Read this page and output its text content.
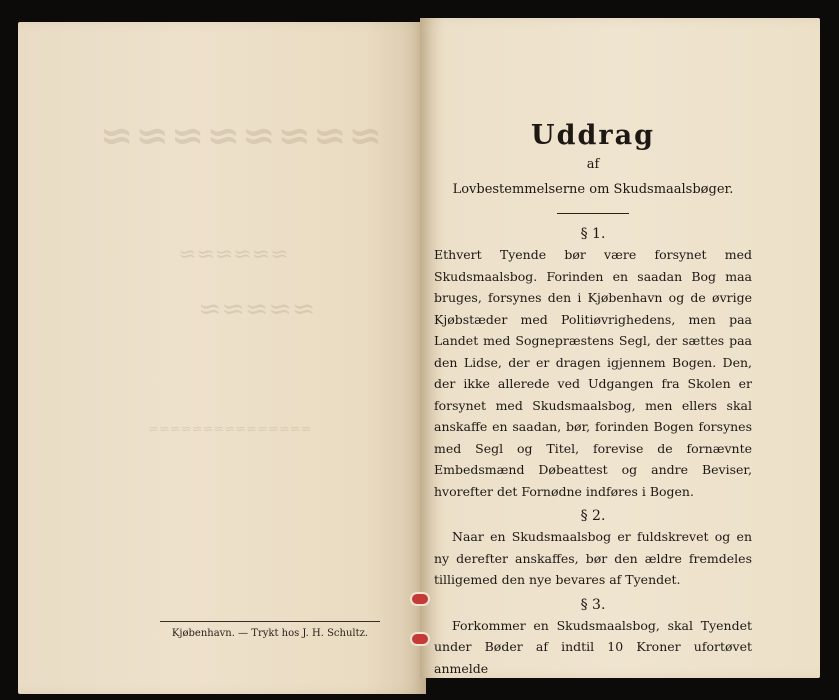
≈≈≈≈≈≈≈≈
≈≈≈≈≈≈
≈≈≈≈≈
≈≈≈≈≈≈≈≈≈≈≈≈≈≈≈
Kjøbenhavn. — Trykt hos J. H. Schultz.
Uddrag
af
Lovbestemmelserne om Skudsmaalsbøger.
§ 1.

Ethvert Tyende bør være forsynet med Skudsmaalsbog. Forinden en saadan Bog maa bruges, forsynes den i Kjøbenhavn og de øvrige Kjøbstæder med Politiøvrighedens, men paa Landet med Sognepræstens Segl, der sættes paa den Lidse, der er dragen igjennem Bogen. Den, der ikke allerede ved Udgangen fra Skolen er forsynet med Skudsmaalsbog, men ellers skal anskaffe en saadan, bør, forinden Bogen forsynes med Segl og Titel, forevise de fornævnte Embedsmænd Døbeattest og andre Beviser, hvorefter det Fornødne indføres i Bogen.

§ 2.

Naar en Skudsmaalsbog er fuldskrevet og en ny derefter anskaffes, bør den ældre fremdeles tilligemed den nye bevares af Tyendet.

§ 3.

Forkommer en Skudsmaalsbog, skal Tyendet under Bøder af indtil 10 Kroner ufortøvet anmelde
